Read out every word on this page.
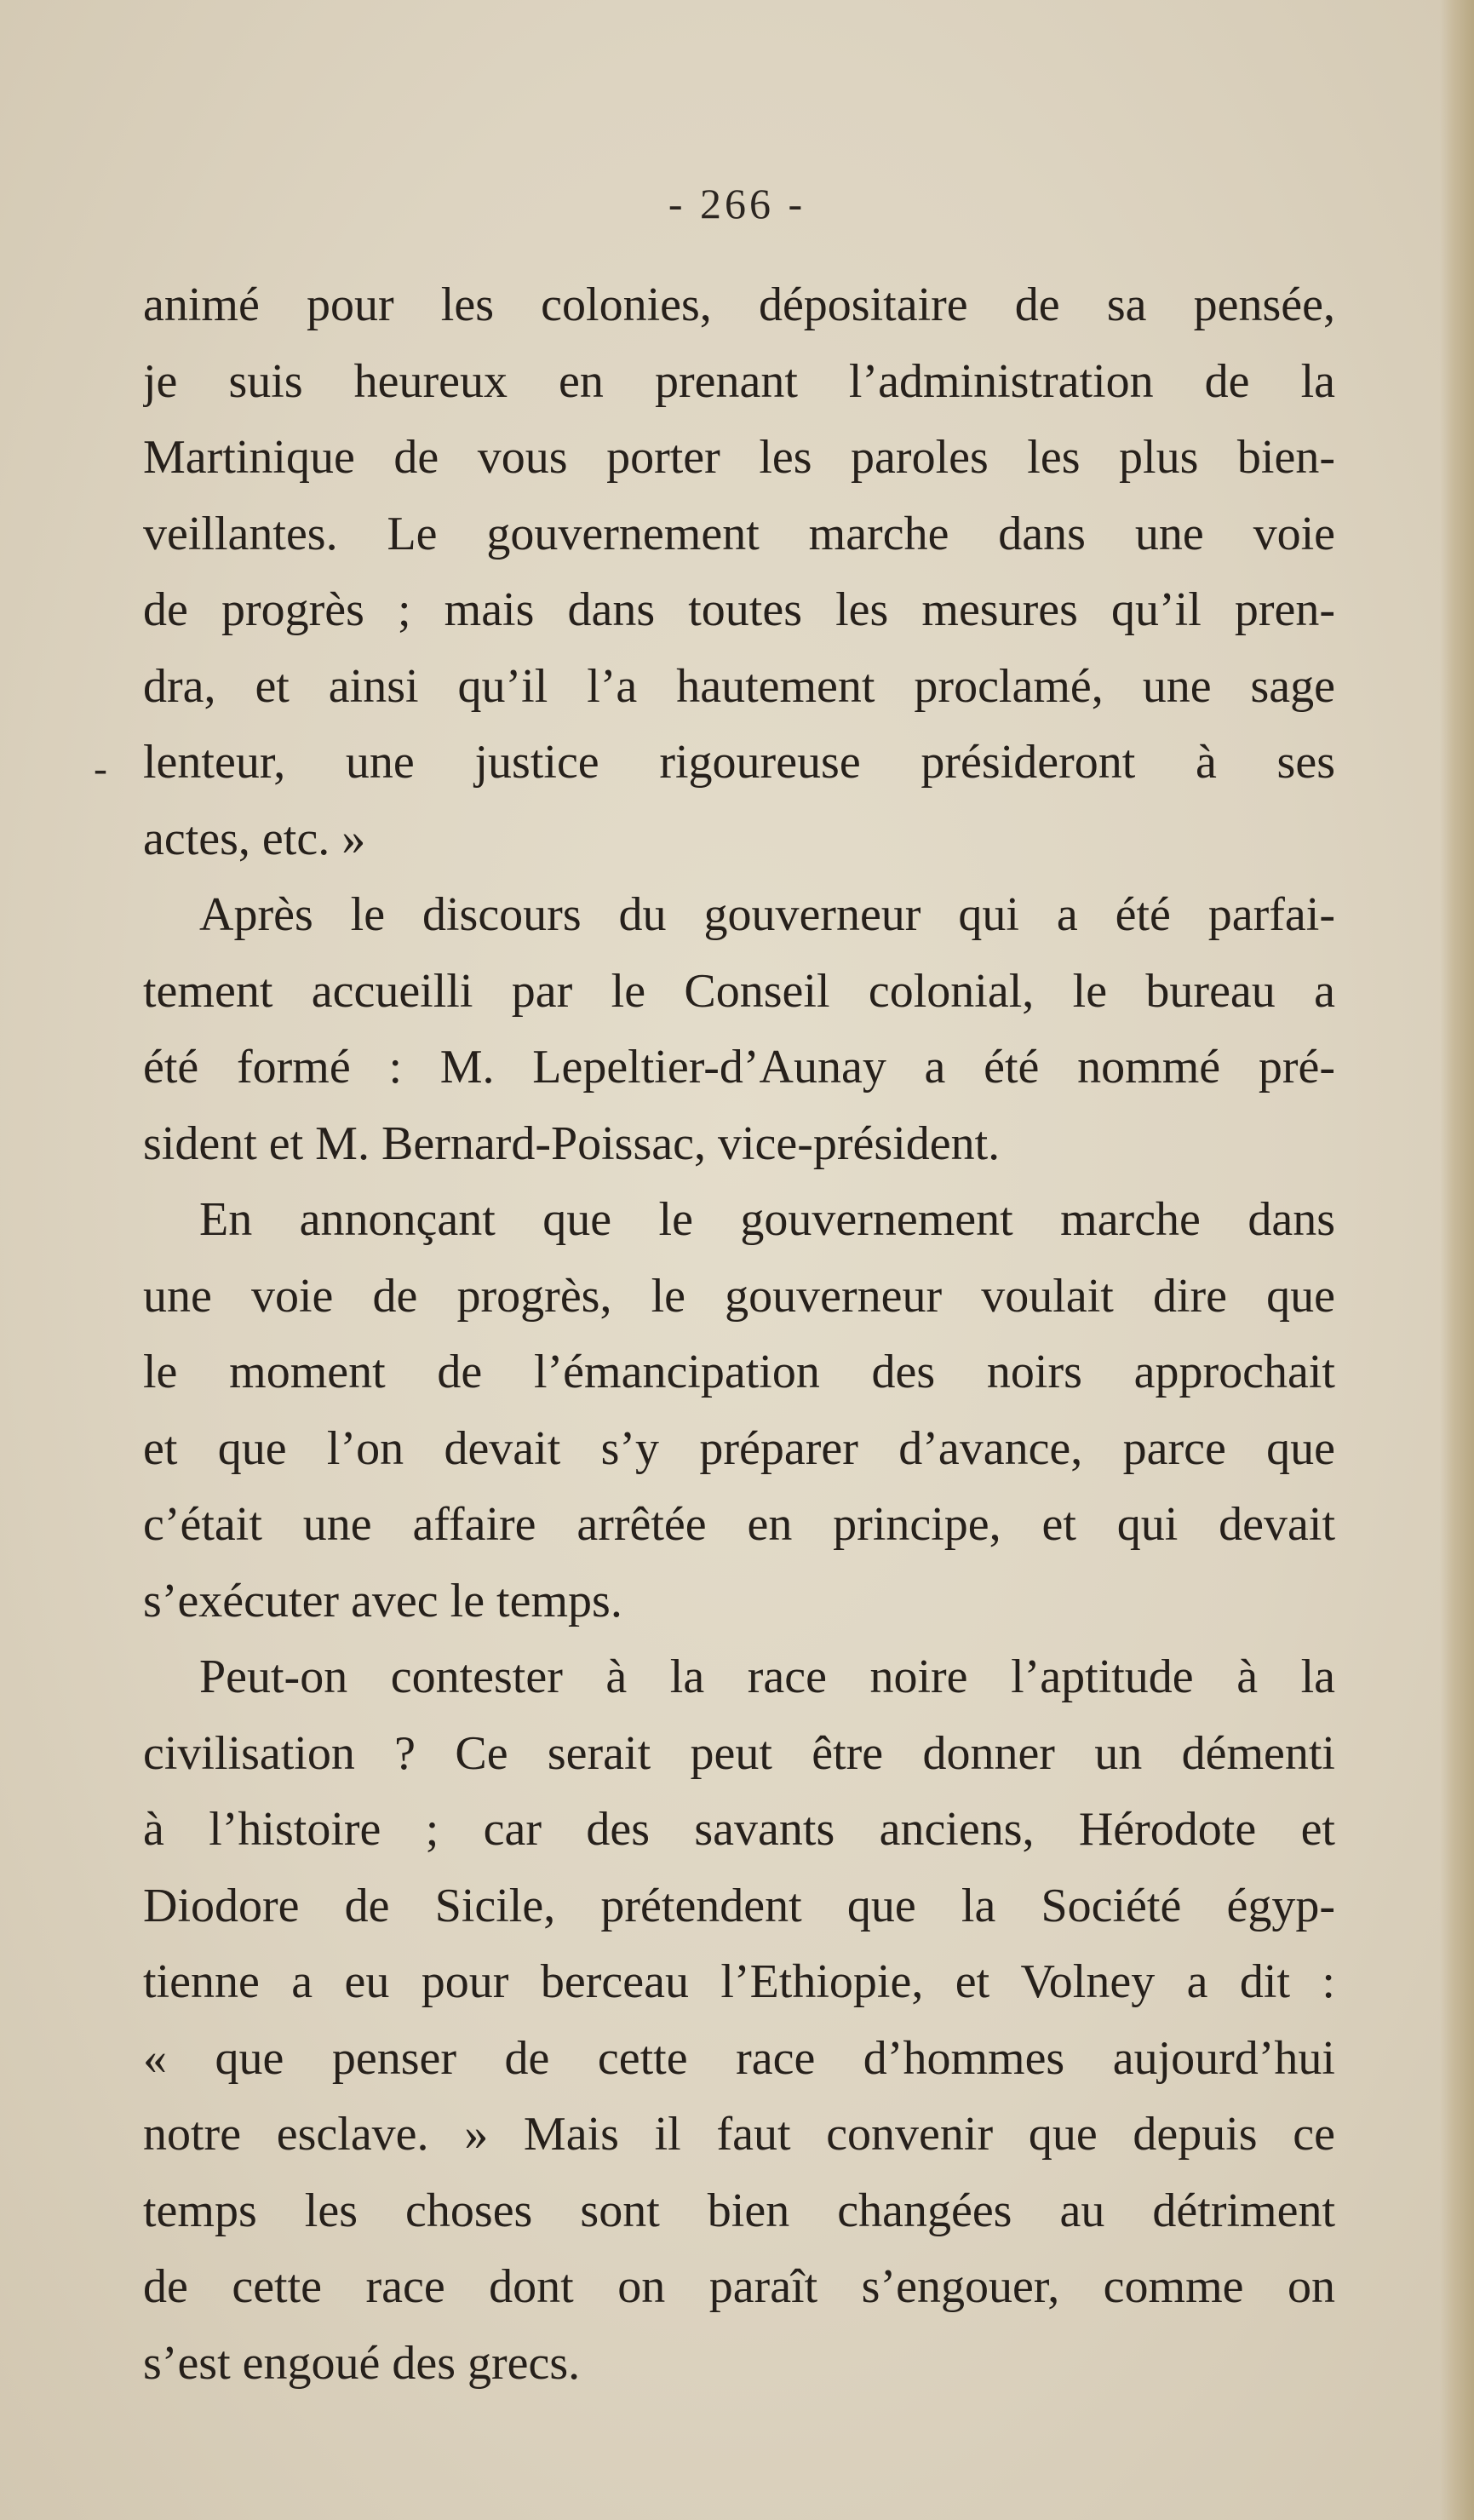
- 266 -
-
animé pour les colonies, dépositaire de sa pensée,
je suis heureux en prenant l’administration de la
Martinique de vous porter les paroles les plus bien-
veillantes. Le gouvernement marche dans une voie
de progrès ; mais dans toutes les mesures qu’il pren-
dra, et ainsi qu’il l’a hautement proclamé, une sage
lenteur, une justice rigoureuse présideront à ses
actes, etc. »
Après le discours du gouverneur qui a été parfai-
tement accueilli par le Conseil colonial, le bureau a
été formé : M. Lepeltier-d’Aunay a été nommé pré-
sident et M. Bernard-Poissac, vice-président.
En annonçant que le gouvernement marche dans
une voie de progrès, le gouverneur voulait dire que
le moment de l’émancipation des noirs approchait
et que l’on devait s’y préparer d’avance, parce que
c’était une affaire arrêtée en principe, et qui devait
s’exécuter avec le temps.
Peut-on contester à la race noire l’aptitude à la
civilisation ? Ce serait peut être donner un démenti
à l’histoire ; car des savants anciens, Hérodote et
Diodore de Sicile, prétendent que la Société égyp-
tienne a eu pour berceau l’Ethiopie, et Volney a dit :
« que penser de cette race d’hommes aujourd’hui
notre esclave. » Mais il faut convenir que depuis ce
temps les choses sont bien changées au détriment
de cette race dont on paraît s’engouer, comme on
s’est engoué des grecs.
